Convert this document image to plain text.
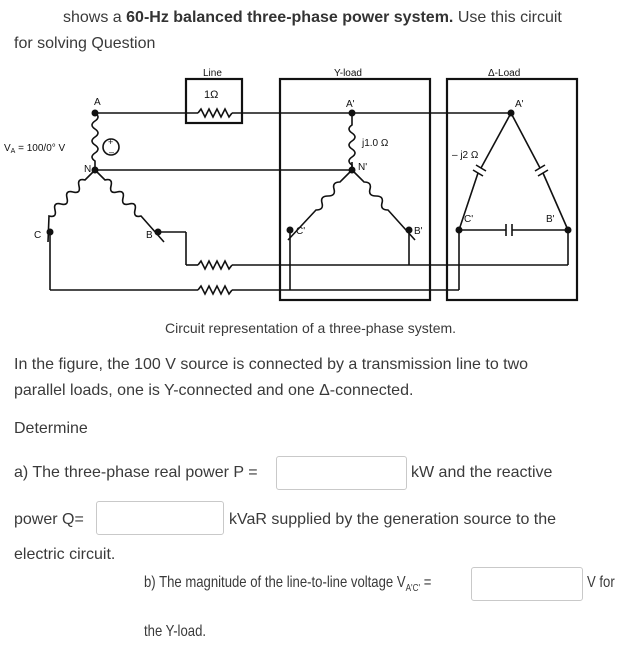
shows a 60-Hz balanced three-phase power system. Use this circuit
for solving Question
Line	Y-load	Δ-Load
1Ω
+
–
j1.0 Ω
– j2 Ω
A
N
B
C
A'
N'
B'
C'
A'
B'
C'
$V_A = 100/0^\circ$ V
Circuit representation of a three-phase system.
In the figure, the 100 V source is connected by a transmission line to two
parallel loads, one is Y-connected and one Δ-connected.
Determine
a) The three-phase real power P =	kW and the reactive
power Q=	kVaR supplied by the generation source to the
electric circuit.
b) The magnitude of the line-to-line voltage $V_{A'C'}$ =	V for
the Y-load.
